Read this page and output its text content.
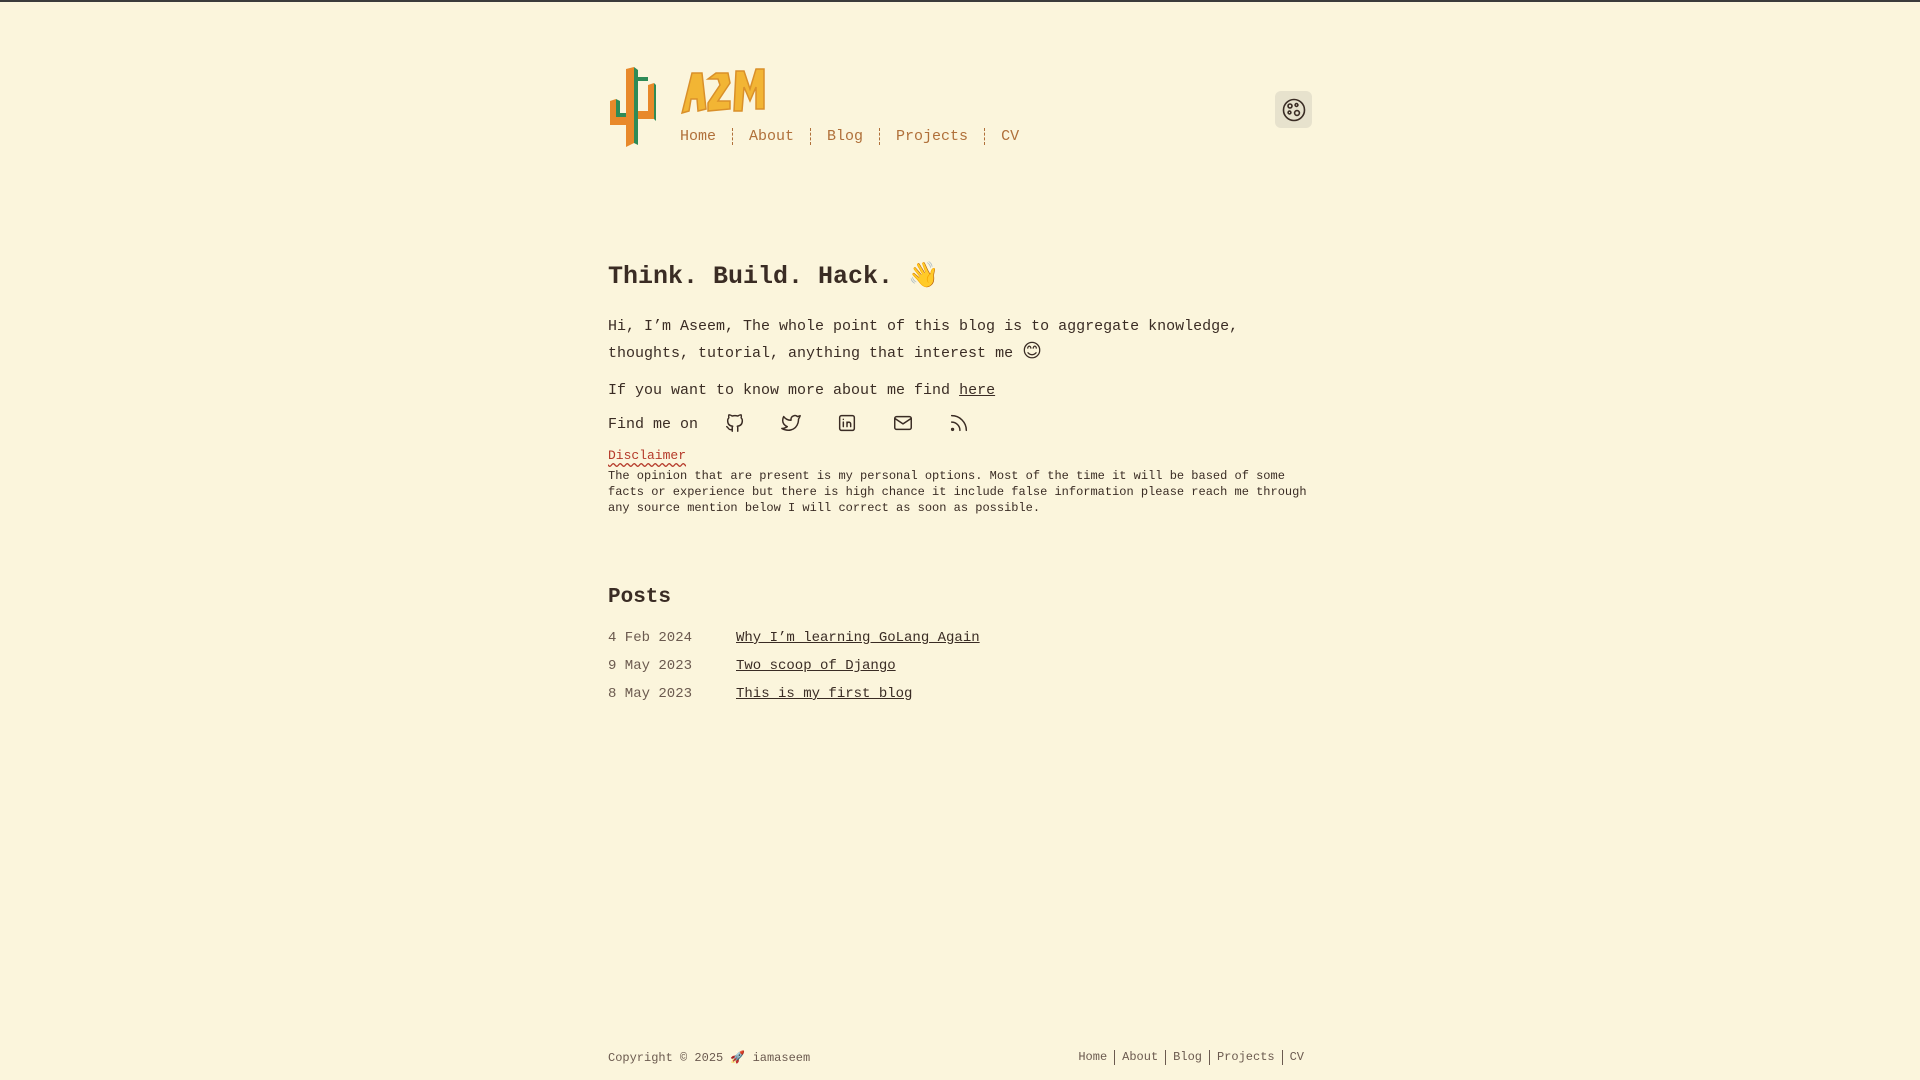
Home	About	Blog	Projects	CV
Think. Build. Hack. 👋

Hi, I’m Aseem, The whole point of this blog is to aggregate knowledge, thoughts, tutorial, anything that interest me 😊

If you want to know more about me find here

Find me on
Disclaimer

The opinion that are present is my personal options. Most of the time it will be based of some facts or experience but there is high chance it include false information please reach me through any source mention below I will correct as soon as possible.

Posts
4 Feb 2024	Why I’m learning GoLang Again
9 May 2023	Two scoop of Django
8 May 2023	This is my first blog
Copyright © 2025 🚀 iamaseem	Home	About	Blog	Projects	CV
